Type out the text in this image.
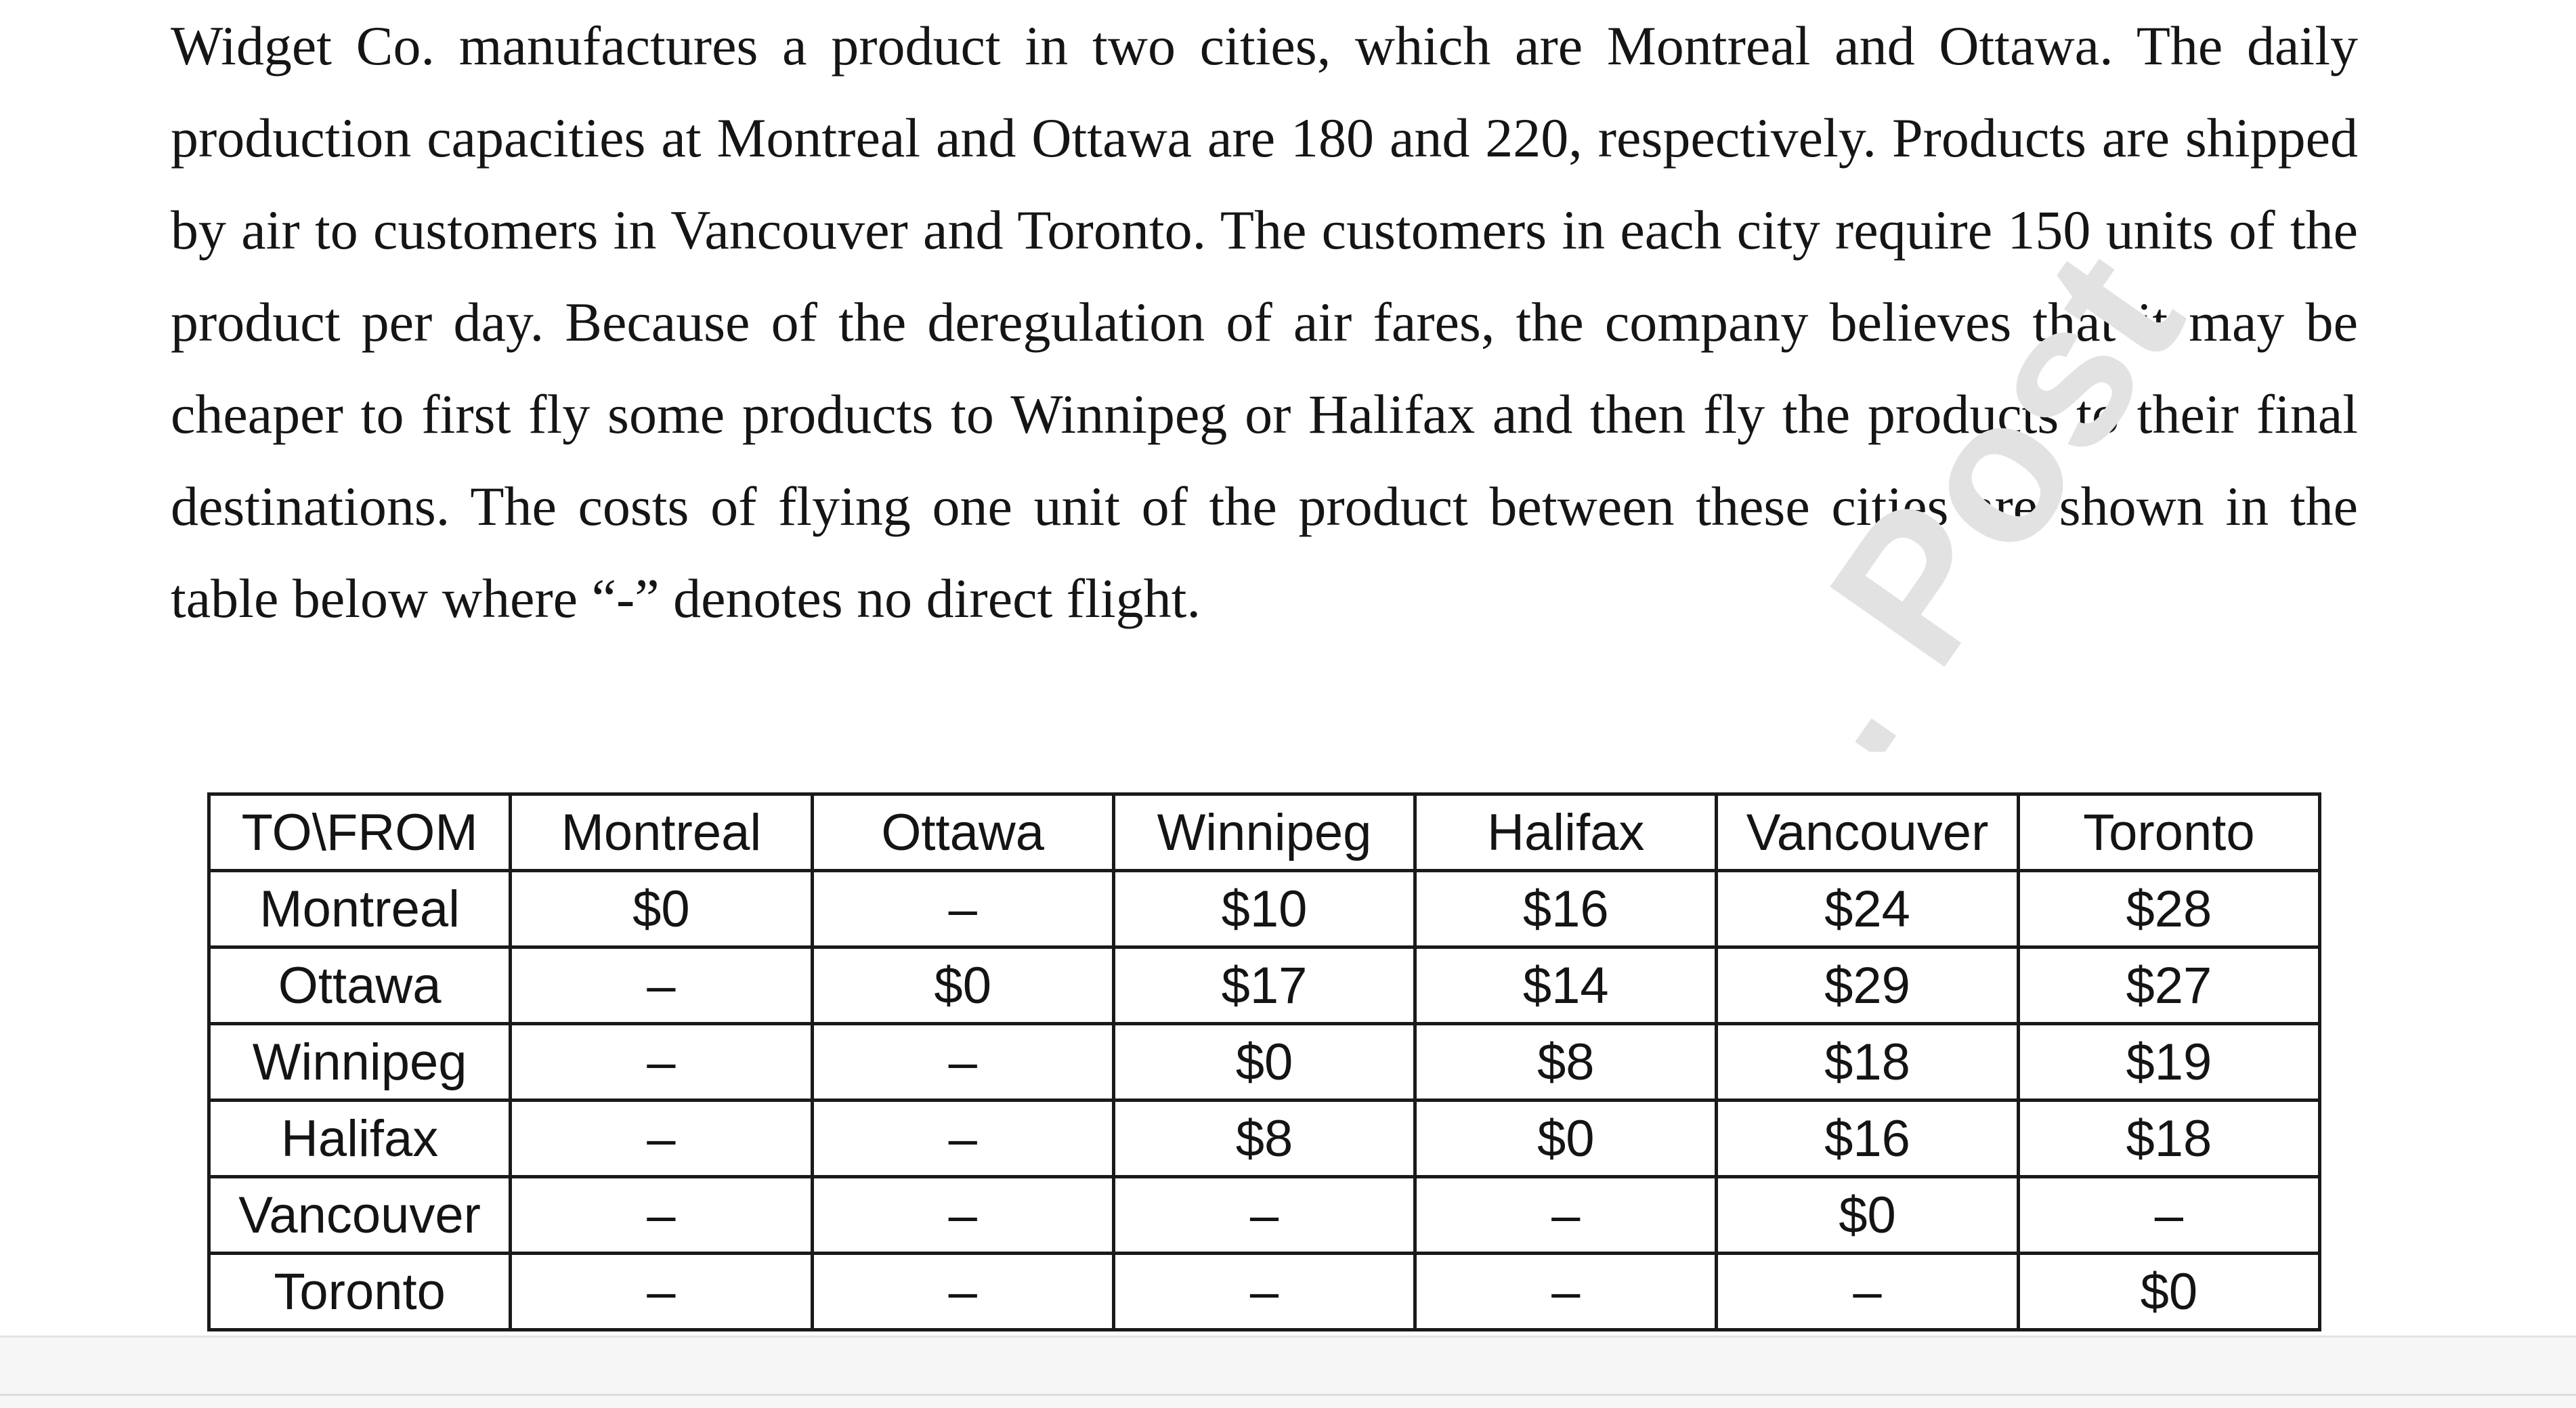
Widget Co. manufactures a product in two cities, which are Montreal and Ottawa. The daily production capacities at Montreal and Ottawa are 180 and 220, respectively. Products are shipped by air to customers in Vancouver and Toronto. The customers in each city require 150 units of the product per day. Because of the deregulation of air fares, the company believes that it may be cheaper to first fly some products to Winnipeg or Halifax and then fly the products to their final destinations. The costs of flying one unit of the product between these cities are shown in the table below where “-” denotes no direct flight.	. Post
TO\FROM	Montreal	Ottawa	Winnipeg	Halifax	Vancouver	Toronto
Montreal	$0	–	$10	$16	$24	$28
Ottawa	–	$0	$17	$14	$29	$27
Winnipeg	–	–	$0	$8	$18	$19
Halifax	–	–	$8	$0	$16	$18
Vancouver	–	–	–	–	$0	–
Toronto	–	–	–	–	–	$0
